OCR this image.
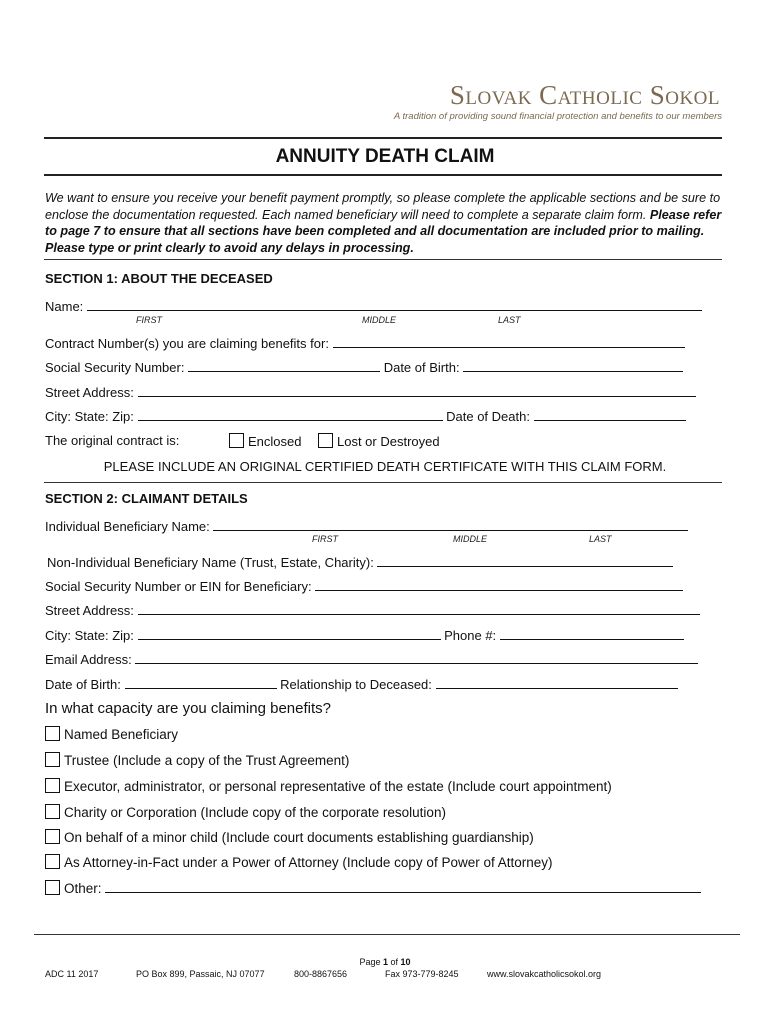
Slovak Catholic Sokol
A tradition of providing sound financial protection and benefits to our members
ANNUITY DEATH CLAIM
We want to ensure you receive your benefit payment promptly, so please complete the applicable sections and be sure to enclose the documentation requested. Each named beneficiary will need to complete a separate claim form. Please refer to page 7 to ensure that all sections have been completed and all documentation are included prior to mailing. Please type or print clearly to avoid any delays in processing.
SECTION 1: ABOUT THE DECEASED
Name:
FIRST	MIDDLE	LAST
Contract Number(s) you are claiming benefits for:
Social Security Number:	Date of Birth:
Street Address:
City: State: Zip:	Date of Death:
The original contract is:	Enclosed	Lost or Destroyed
PLEASE INCLUDE AN ORIGINAL CERTIFIED DEATH CERTIFICATE WITH THIS CLAIM FORM.
SECTION 2: CLAIMANT DETAILS
Individual Beneficiary Name:
FIRST	MIDDLE	LAST
Non-Individual Beneficiary Name (Trust, Estate, Charity):
Social Security Number or EIN for Beneficiary:
Street Address:
City: State: Zip:	Phone #:
Email Address:
Date of Birth:	Relationship to Deceased:
In what capacity are you claiming benefits?
Named Beneficiary
Trustee (Include a copy of the Trust Agreement)
Executor, administrator, or personal representative of the estate (Include court appointment)
Charity or Corporation (Include copy of the corporate resolution)
On behalf of a minor child (Include court documents establishing guardianship)
As Attorney-in-Fact under a Power of Attorney (Include copy of Power of Attorney)
Other:
Page 1 of 10
ADC 11 2017	PO Box 899, Passaic, NJ 07077	800-8867656	Fax 973-779-8245	www.slovakcatholicsokol.org
